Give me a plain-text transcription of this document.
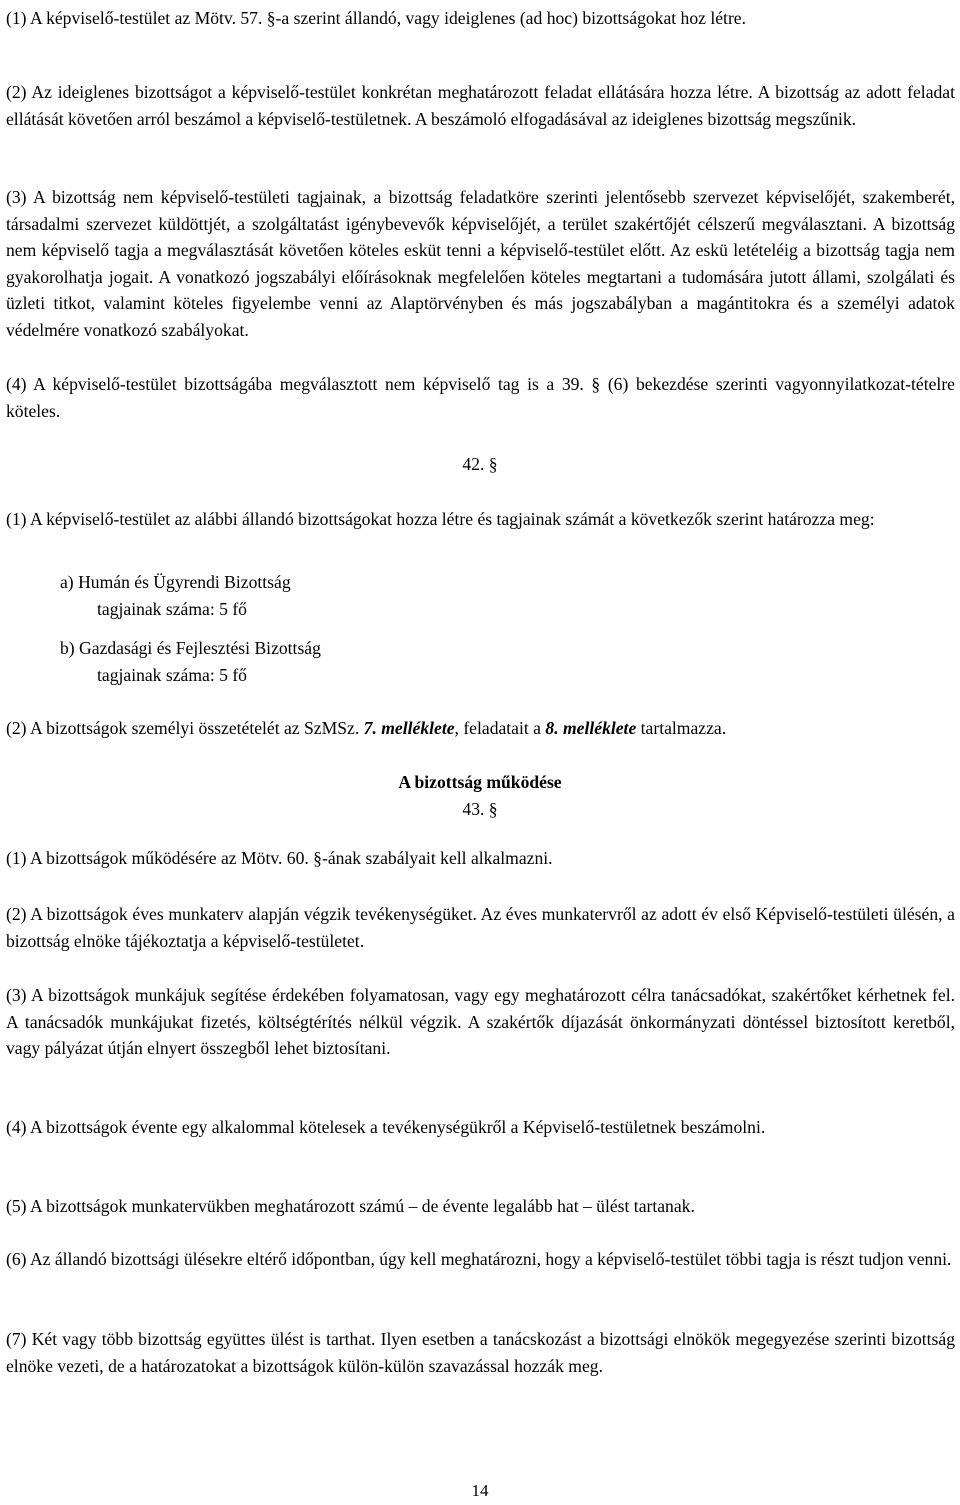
(1) A képviselő-testület az Mötv. 57. §-a szerint állandó, vagy ideiglenes (ad hoc) bizottságokat hoz létre.

(2) Az ideiglenes bizottságot a képviselő-testület konkrétan meghatározott feladat ellátására hozza létre. A bizottság az adott feladat ellátását követően arról beszámol a képviselő-testületnek. A beszámoló elfogadásával az ideiglenes bizottság megszűnik.

(3) A bizottság nem képviselő-testületi tagjainak, a bizottság feladatköre szerinti jelentősebb szervezet képviselőjét, szakemberét, társadalmi szervezet küldöttjét, a szolgáltatást igénybevevők képviselőjét, a terület szakértőjét célszerű megválasztani. A bizottság nem képviselő tagja a megválasztását követően köteles esküt tenni a képviselő-testület előtt. Az eskü letételéig a bizottság tagja nem gyakorolhatja jogait. A vonatkozó jogszabályi előírásoknak megfelelően köteles megtartani a tudomására jutott állami, szolgálati és üzleti titkot, valamint köteles figyelembe venni az Alaptörvényben és más jogszabályban a magántitokra és a személyi adatok védelmére vonatkozó szabályokat.

(4) A képviselő-testület bizottságába megválasztott nem képviselő tag is a 39. § (6) bekezdése szerinti vagyonnyilatkozat-tételre köteles.

42. §

(1) A képviselő-testület az alábbi állandó bizottságokat hozza létre és tagjainak számát a következők szerint határozza meg:

a) Humán és Ügyrendi Bizottság
tagjainak száma: 5 fő
b) Gazdasági és Fejlesztési Bizottság
tagjainak száma: 5 fő

(2) A bizottságok személyi összetételét az SzMSz. 7. melléklete, feladatait a 8. melléklete tartalmazza.

A bizottság működése

43. §

(1) A bizottságok működésére az Mötv. 60. §-ának szabályait kell alkalmazni.

(2) A bizottságok éves munkaterv alapján végzik tevékenységüket. Az éves munkatervről az adott év első Képviselő-testületi ülésén, a bizottság elnöke tájékoztatja a képviselő-testületet.

(3) A bizottságok munkájuk segítése érdekében folyamatosan, vagy egy meghatározott célra tanácsadókat, szakértőket kérhetnek fel. A tanácsadók munkájukat fizetés, költségtérítés nélkül végzik. A szakértők díjazását önkormányzati döntéssel biztosított keretből, vagy pályázat útján elnyert összegből lehet biztosítani.

(4) A bizottságok évente egy alkalommal kötelesek a tevékenységükről a Képviselő-testületnek beszámolni.

(5) A bizottságok munkatervükben meghatározott számú – de évente legalább hat – ülést tartanak.

(6) Az állandó bizottsági ülésekre eltérő időpontban, úgy kell meghatározni, hogy a képviselő-testület többi tagja is részt tudjon venni.

(7) Két vagy több bizottság együttes ülést is tarthat. Ilyen esetben a tanácskozást a bizottsági elnökök megegyezése szerinti bizottság elnöke vezeti, de a határozatokat a bizottságok külön-külön szavazással hozzák meg.

14
